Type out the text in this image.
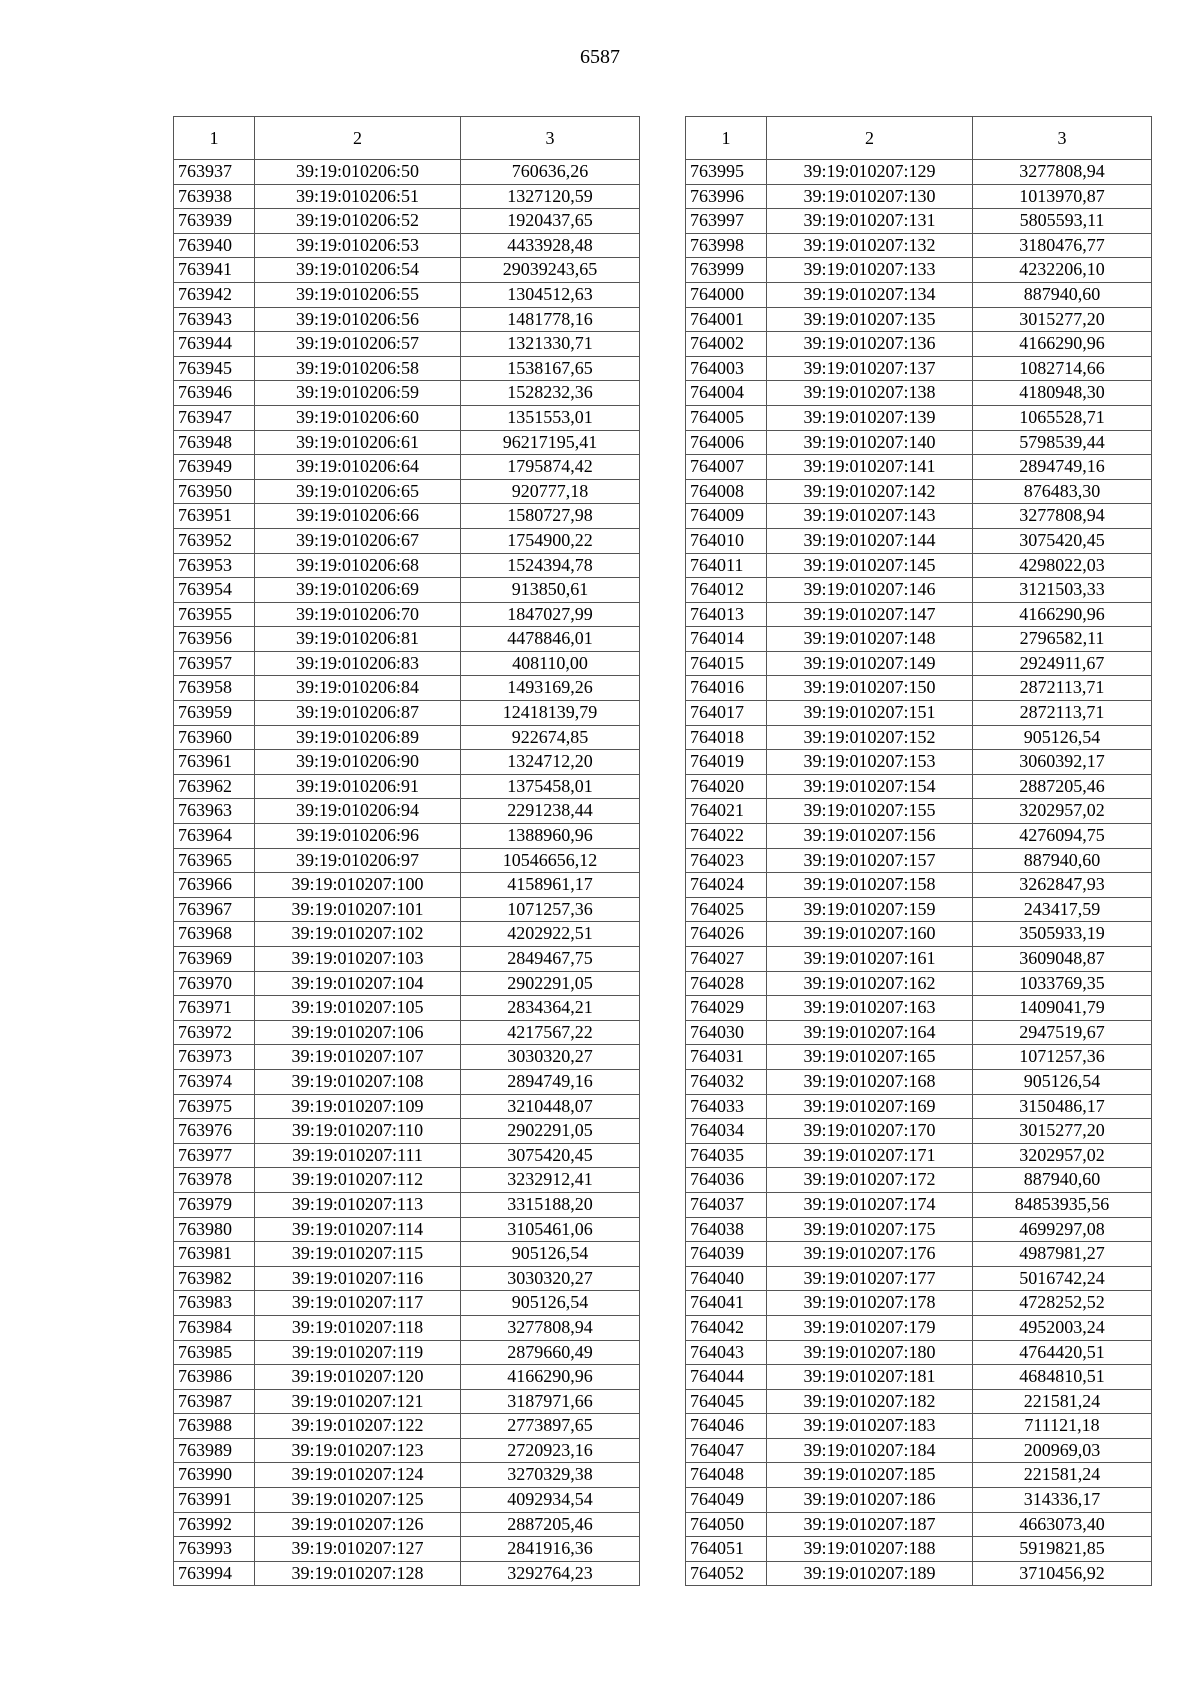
6587
1	2	3
763937	39:19:010206:50	760636,26
763938	39:19:010206:51	1327120,59
763939	39:19:010206:52	1920437,65
763940	39:19:010206:53	4433928,48
763941	39:19:010206:54	29039243,65
763942	39:19:010206:55	1304512,63
763943	39:19:010206:56	1481778,16
763944	39:19:010206:57	1321330,71
763945	39:19:010206:58	1538167,65
763946	39:19:010206:59	1528232,36
763947	39:19:010206:60	1351553,01
763948	39:19:010206:61	96217195,41
763949	39:19:010206:64	1795874,42
763950	39:19:010206:65	920777,18
763951	39:19:010206:66	1580727,98
763952	39:19:010206:67	1754900,22
763953	39:19:010206:68	1524394,78
763954	39:19:010206:69	913850,61
763955	39:19:010206:70	1847027,99
763956	39:19:010206:81	4478846,01
763957	39:19:010206:83	408110,00
763958	39:19:010206:84	1493169,26
763959	39:19:010206:87	12418139,79
763960	39:19:010206:89	922674,85
763961	39:19:010206:90	1324712,20
763962	39:19:010206:91	1375458,01
763963	39:19:010206:94	2291238,44
763964	39:19:010206:96	1388960,96
763965	39:19:010206:97	10546656,12
763966	39:19:010207:100	4158961,17
763967	39:19:010207:101	1071257,36
763968	39:19:010207:102	4202922,51
763969	39:19:010207:103	2849467,75
763970	39:19:010207:104	2902291,05
763971	39:19:010207:105	2834364,21
763972	39:19:010207:106	4217567,22
763973	39:19:010207:107	3030320,27
763974	39:19:010207:108	2894749,16
763975	39:19:010207:109	3210448,07
763976	39:19:010207:110	2902291,05
763977	39:19:010207:111	3075420,45
763978	39:19:010207:112	3232912,41
763979	39:19:010207:113	3315188,20
763980	39:19:010207:114	3105461,06
763981	39:19:010207:115	905126,54
763982	39:19:010207:116	3030320,27
763983	39:19:010207:117	905126,54
763984	39:19:010207:118	3277808,94
763985	39:19:010207:119	2879660,49
763986	39:19:010207:120	4166290,96
763987	39:19:010207:121	3187971,66
763988	39:19:010207:122	2773897,65
763989	39:19:010207:123	2720923,16
763990	39:19:010207:124	3270329,38
763991	39:19:010207:125	4092934,54
763992	39:19:010207:126	2887205,46
763993	39:19:010207:127	2841916,36
763994	39:19:010207:128	3292764,23
1	2	3
763995	39:19:010207:129	3277808,94
763996	39:19:010207:130	1013970,87
763997	39:19:010207:131	5805593,11
763998	39:19:010207:132	3180476,77
763999	39:19:010207:133	4232206,10
764000	39:19:010207:134	887940,60
764001	39:19:010207:135	3015277,20
764002	39:19:010207:136	4166290,96
764003	39:19:010207:137	1082714,66
764004	39:19:010207:138	4180948,30
764005	39:19:010207:139	1065528,71
764006	39:19:010207:140	5798539,44
764007	39:19:010207:141	2894749,16
764008	39:19:010207:142	876483,30
764009	39:19:010207:143	3277808,94
764010	39:19:010207:144	3075420,45
764011	39:19:010207:145	4298022,03
764012	39:19:010207:146	3121503,33
764013	39:19:010207:147	4166290,96
764014	39:19:010207:148	2796582,11
764015	39:19:010207:149	2924911,67
764016	39:19:010207:150	2872113,71
764017	39:19:010207:151	2872113,71
764018	39:19:010207:152	905126,54
764019	39:19:010207:153	3060392,17
764020	39:19:010207:154	2887205,46
764021	39:19:010207:155	3202957,02
764022	39:19:010207:156	4276094,75
764023	39:19:010207:157	887940,60
764024	39:19:010207:158	3262847,93
764025	39:19:010207:159	243417,59
764026	39:19:010207:160	3505933,19
764027	39:19:010207:161	3609048,87
764028	39:19:010207:162	1033769,35
764029	39:19:010207:163	1409041,79
764030	39:19:010207:164	2947519,67
764031	39:19:010207:165	1071257,36
764032	39:19:010207:168	905126,54
764033	39:19:010207:169	3150486,17
764034	39:19:010207:170	3015277,20
764035	39:19:010207:171	3202957,02
764036	39:19:010207:172	887940,60
764037	39:19:010207:174	84853935,56
764038	39:19:010207:175	4699297,08
764039	39:19:010207:176	4987981,27
764040	39:19:010207:177	5016742,24
764041	39:19:010207:178	4728252,52
764042	39:19:010207:179	4952003,24
764043	39:19:010207:180	4764420,51
764044	39:19:010207:181	4684810,51
764045	39:19:010207:182	221581,24
764046	39:19:010207:183	711121,18
764047	39:19:010207:184	200969,03
764048	39:19:010207:185	221581,24
764049	39:19:010207:186	314336,17
764050	39:19:010207:187	4663073,40
764051	39:19:010207:188	5919821,85
764052	39:19:010207:189	3710456,92
